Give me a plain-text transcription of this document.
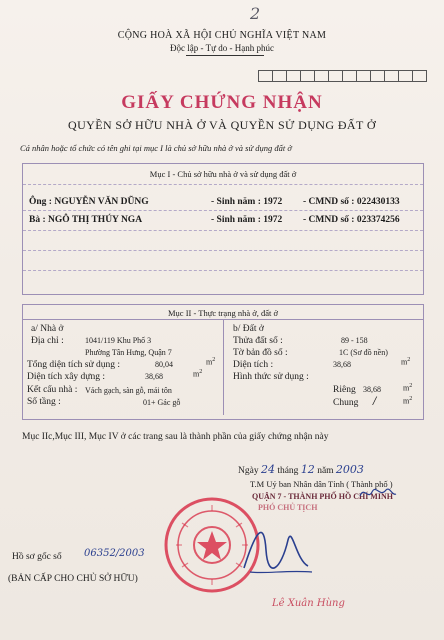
2
CỘNG HOÀ XÃ HỘI CHỦ NGHĨA VIỆT NAM
Độc lập - Tự do - Hạnh phúc
GIẤY CHỨNG NHẬN
QUYỀN SỞ HỮU NHÀ Ở VÀ QUYỀN SỬ DỤNG ĐẤT Ở
Cá nhân hoặc tổ chức có tên ghi tại mục I là chủ sở hữu nhà ở và sử dụng đất ở
Mục I - Chủ sở hữu nhà ở và sử dụng đất ở
Ông : NGUYỄN VĂN DŨNG	- Sinh năm : 1972 - CMND số : 022430133
Bà : NGÔ THỊ THÚY NGA	- Sinh năm : 1972 - CMND số : 023374256
Mục II - Thực trạng nhà ở, đất ở
a/ Nhà ở
Địa chỉ :	1041/119 Khu Phố 3
Phường Tân Hưng, Quận 7
Tổng diện tích sử dụng :	80,04	$m^2$
Diện tích xây dựng :	38,68	$m^2$
Kết cấu nhà : Vách gạch, sàn gỗ, mái tôn
Số tầng :	01+ Gác gỗ
b/ Đất ở
Thửa đất số :	89 - 158
Tờ bản đồ số :	1C (Sơ đồ nền)
Diện tích :	38,68	$m^2$
Hình thức sử dụng :
Riêng 38,68	$m^2$
Chung /	$m^2$
Mục IIc,Mục III, Mục IV ở các trang sau là thành phần của giấy chứng nhận này
Ngày 24 tháng 12 năm 2003
T.M Uỷ ban Nhân dân Tỉnh ( Thành phố )
QUẬN 7 - THÀNH PHỐ HỒ CHÍ MINH
PHÓ CHỦ TỊCH
Lê Xuân Hùng
Hồ sơ gốc số 06352/2003
(BẢN CẤP CHO CHỦ SỞ HỮU)
